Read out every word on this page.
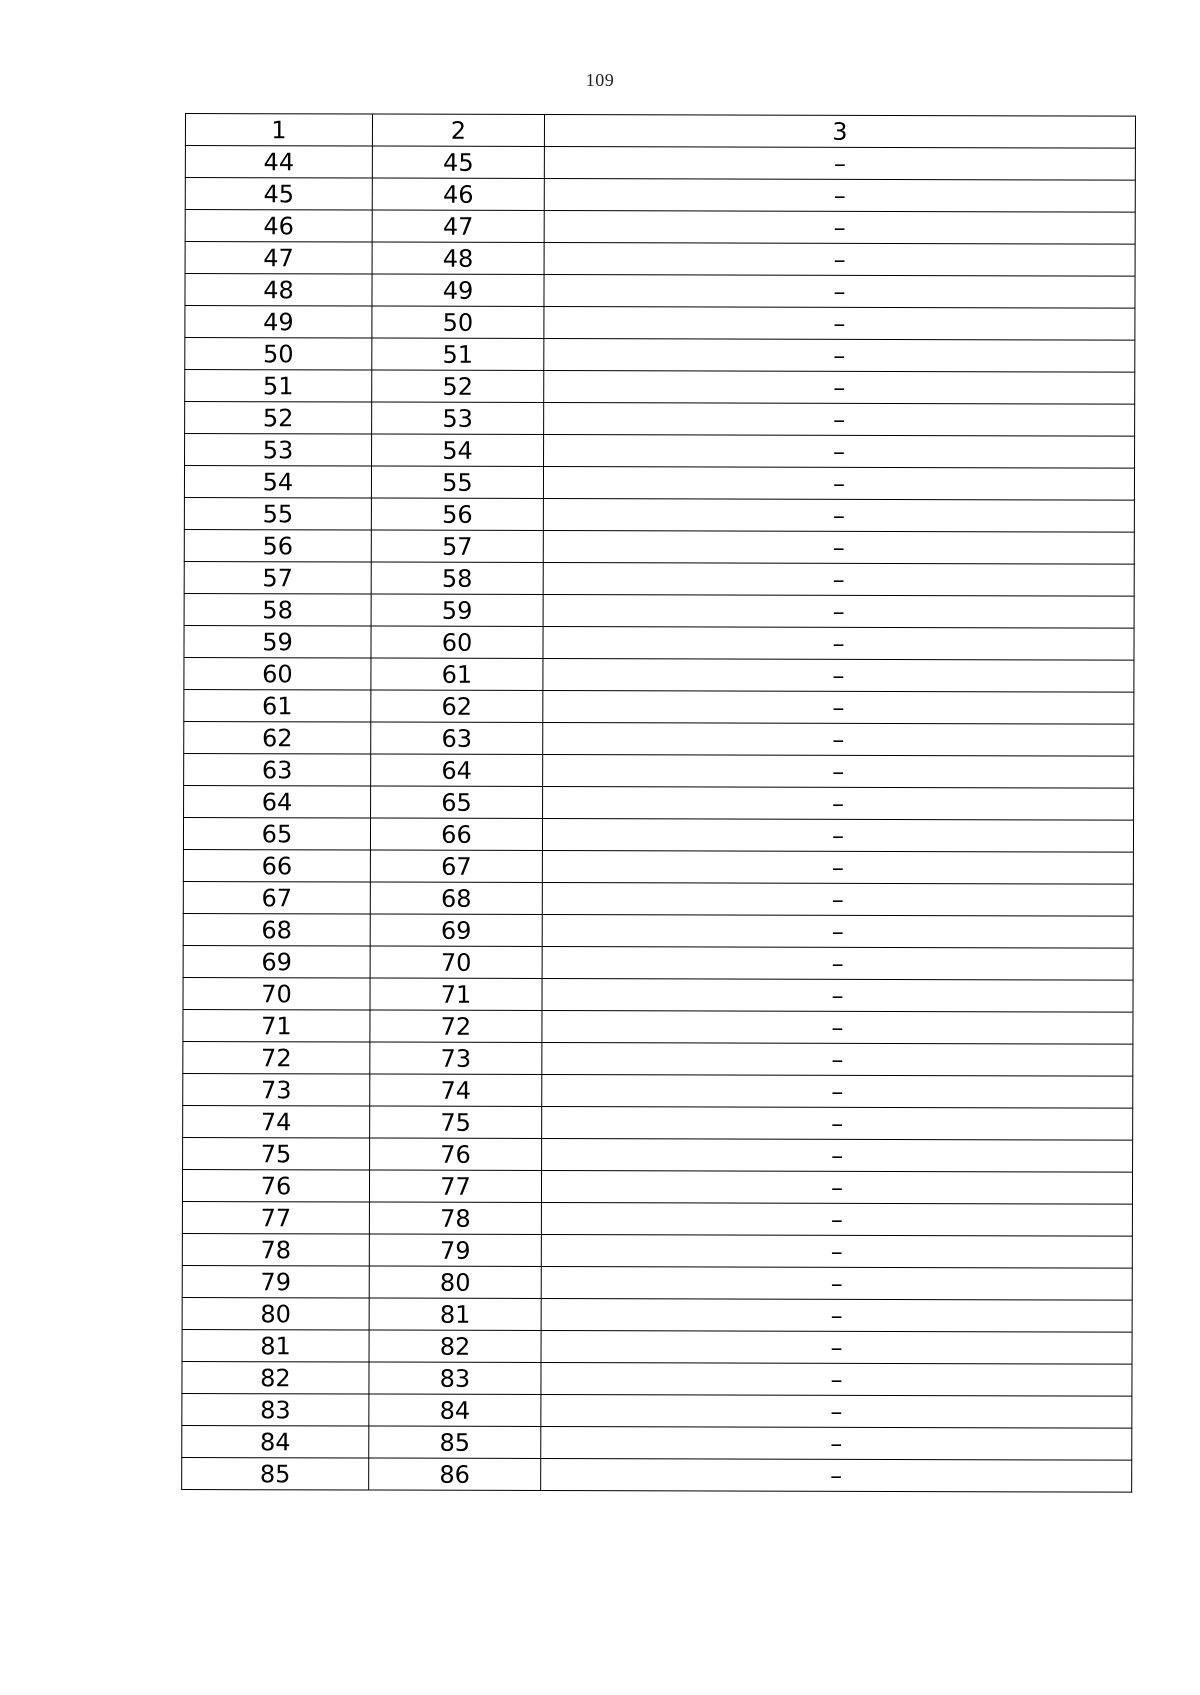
109
1	2	3
44	45	–
45	46	–
46	47	–
47	48	–
48	49	–
49	50	–
50	51	–
51	52	–
52	53	–
53	54	–
54	55	–
55	56	–
56	57	–
57	58	–
58	59	–
59	60	–
60	61	–
61	62	–
62	63	–
63	64	–
64	65	–
65	66	–
66	67	–
67	68	–
68	69	–
69	70	–
70	71	–
71	72	–
72	73	–
73	74	–
74	75	–
75	76	–
76	77	–
77	78	–
78	79	–
79	80	–
80	81	–
81	82	–
82	83	–
83	84	–
84	85	–
85	86	–
